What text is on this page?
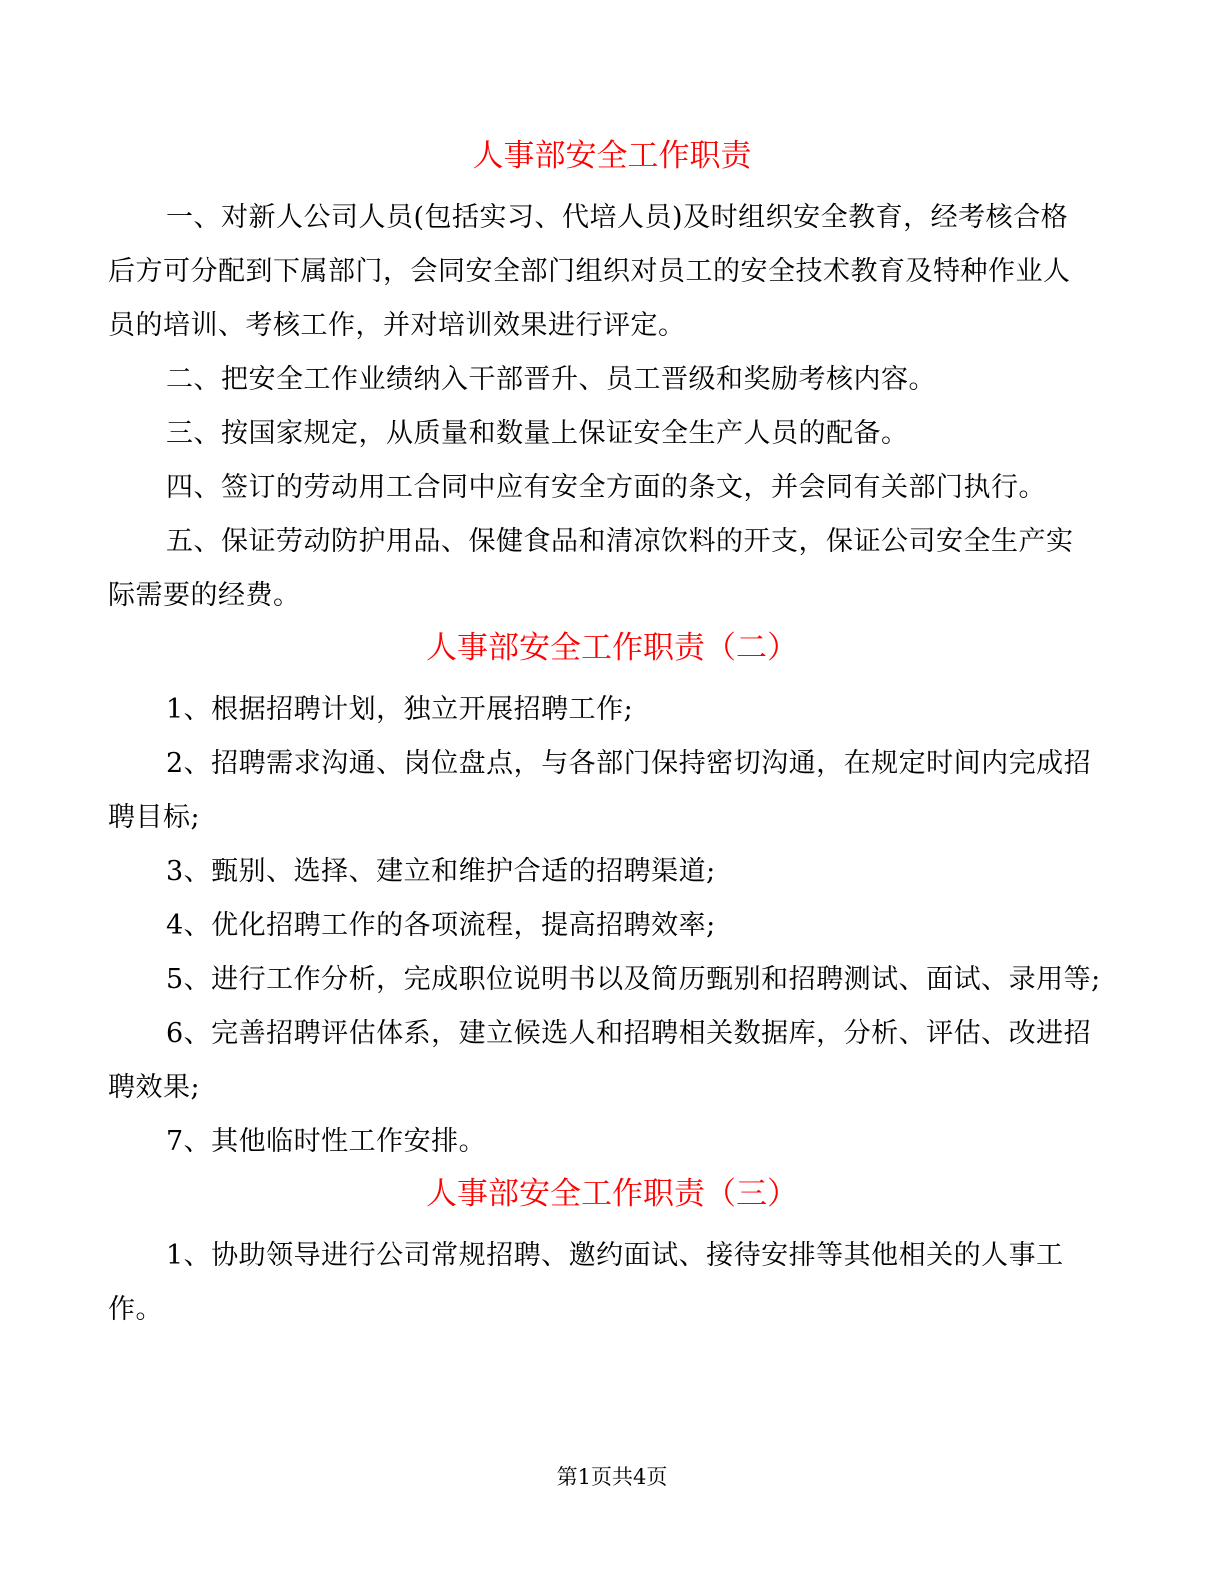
人事部安全工作职责
一、对新人公司人员(包括实习、代培人员)及时组织安全教育，经考核合格
后方可分配到下属部门，会同安全部门组织对员工的安全技术教育及特种作业人
员的培训、考核工作，并对培训效果进行评定。
二、把安全工作业绩纳入干部晋升、员工晋级和奖励考核内容。
三、按国家规定，从质量和数量上保证安全生产人员的配备。
四、签订的劳动用工合同中应有安全方面的条文，并会同有关部门执行。
五、保证劳动防护用品、保健食品和清凉饮料的开支，保证公司安全生产实
际需要的经费。
人事部安全工作职责（二）
1、根据招聘计划，独立开展招聘工作;
2、招聘需求沟通、岗位盘点，与各部门保持密切沟通，在规定时间内完成招
聘目标;
3、甄别、选择、建立和维护合适的招聘渠道;
4、优化招聘工作的各项流程，提高招聘效率;
5、进行工作分析，完成职位说明书以及简历甄别和招聘测试、面试、录用等;
6、完善招聘评估体系，建立候选人和招聘相关数据库，分析、评估、改进招
聘效果;
7、其他临时性工作安排。
人事部安全工作职责（三）
1、协助领导进行公司常规招聘、邀约面试、接待安排等其他相关的人事工
作。
第1页共4页
